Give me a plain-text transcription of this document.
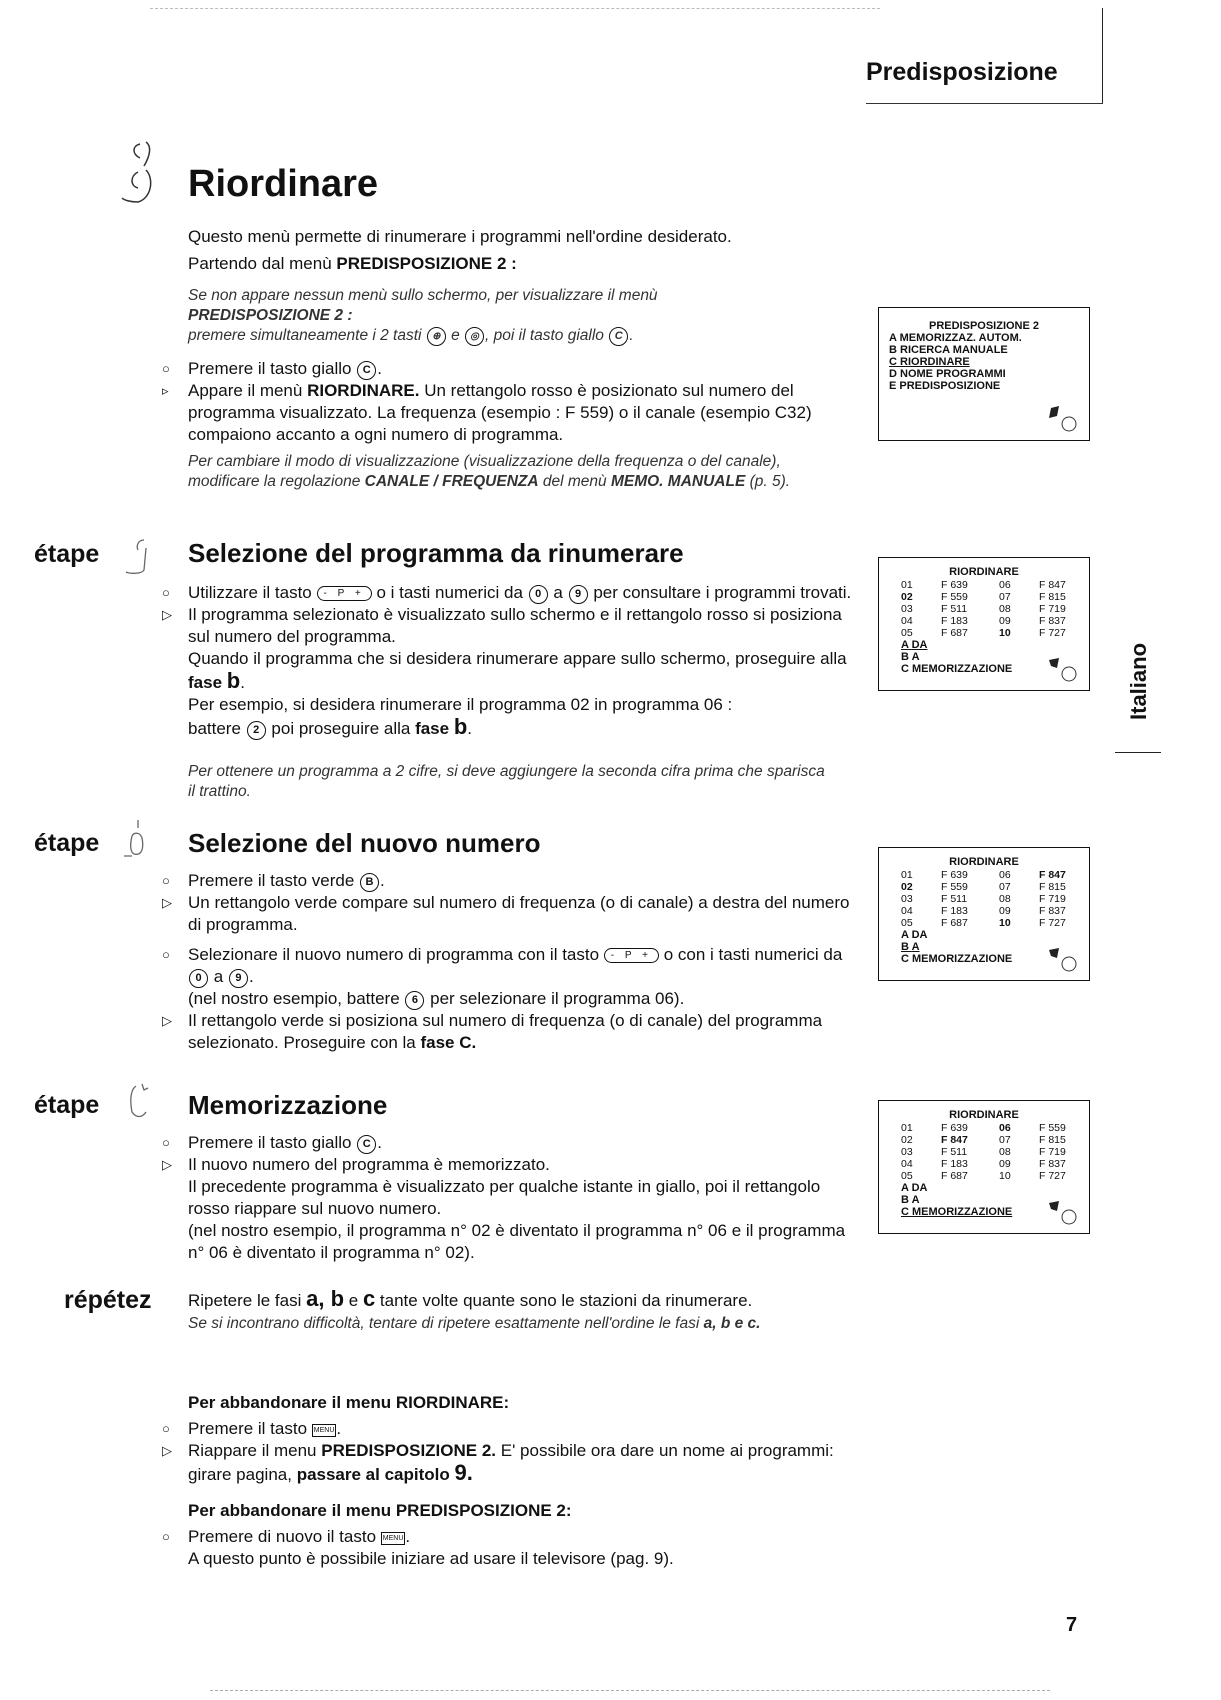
Predisposizione
Riordinare
Questo menù permette di rinumerare i programmi nell'ordine desiderato.
Partendo dal menù PREDISPOSIZIONE 2 :
Se non appare nessun menù sullo schermo, per visualizzare il menù
PREDISPOSIZIONE 2 :
premere simultaneamente i 2 tasti ⊕ e ◎ , poi il tasto giallo C .
○	Premere il tasto giallo C .
▹	Appare il menù RIORDINARE. Un rettangolo rosso è posizionato sul numero del programma visualizzato. La frequenza (esempio : F 559) o il canale (esempio C32) compaiono accanto a ogni numero di programma.
Per cambiare il modo di visualizzazione (visualizzazione della frequenza o del canale), modificare la regolazione CANALE / FREQUENZA del menù MEMO. MANUALE (p. 5).
PREDISPOSIZIONE 2
A MEMORIZZAZ. AUTOM.
B RICERCA MANUALE
C RIORDINARE
D NOME PROGRAMMI
E PREDISPOSIZIONE
étape	Selezione del programma da rinumerare
○	Utilizzare il tasto - P + o i tasti numerici da 0 a 9 per consultare i programmi trovati.
▷ Il programma selezionato è visualizzato sullo schermo e il rettangolo rosso si posiziona sul numero del programma.
Quando il programma che si desidera rinumerare appare sullo schermo, proseguire alla fase b.
Per esempio, si desidera rinumerare il programma 02 in programma 06 :
battere 2 poi proseguire alla fase b.
Per ottenere un programma a 2 cifre, si deve aggiungere la seconda cifra prima che sparisca il trattino.
RIORDINARE
01	F 639	06	F 847
02	F 559	07	F 815
03	F 511	08	F 719
04	F 183	09	F 837
05	F 687	10	F 727
A DA
B A
C MEMORIZZAZIONE	Italiano
étape	Selezione del nuovo numero
○	Premere il tasto verde B .
▷ Un rettangolo verde compare sul numero di frequenza (o di canale) a destra del numero di programma.
○	Selezionare il nuovo numero di programma con il tasto - P + o con i tasti numerici da 0 a 9 .
(nel nostro esempio, battere 6 per selezionare il programma 06).
▷ Il rettangolo verde si posiziona sul numero di frequenza (o di canale) del programma selezionato. Proseguire con la fase C.
RIORDINARE
01	F 639	06	F 847
02	F 559	07	F 815
03	F 511	08	F 719
04	F 183	09	F 837
05	F 687	10	F 727
A DA
B A
C MEMORIZZAZIONE
étape	Memorizzazione
○	Premere il tasto giallo C .
▷ Il nuovo numero del programma è memorizzato.
Il precedente programma è visualizzato per qualche istante in giallo, poi il rettangolo rosso riappare sul nuovo numero.
(nel nostro esempio, il programma n° 02 è diventato il programma n° 06 e il programma n° 06 è diventato il programma n° 02).
RIORDINARE
01	F 639	06	F 559
02	F 847	07	F 815
03	F 511	08	F 719
04	F 183	09	F 837
05	F 687	10	F 727
A DA
B A
C MEMORIZZAZIONE
répétez Ripetere le fasi a, b e c tante volte quante sono le stazioni da rinumerare.
Se si incontrano difficoltà, tentare di ripetere esattamente nell'ordine le fasi a, b e c.
Per abbandonare il menu RIORDINARE:
○	Premere il tasto MENU .
▷ Riappare il menu PREDISPOSIZIONE 2. E' possibile ora dare un nome ai programmi: girare pagina, passare al capitolo 9.
Per abbandonare il menu PREDISPOSIZIONE 2:
○	Premere di nuovo il tasto MENU .
A questo punto è possibile iniziare ad usare il televisore (pag. 9).
7
